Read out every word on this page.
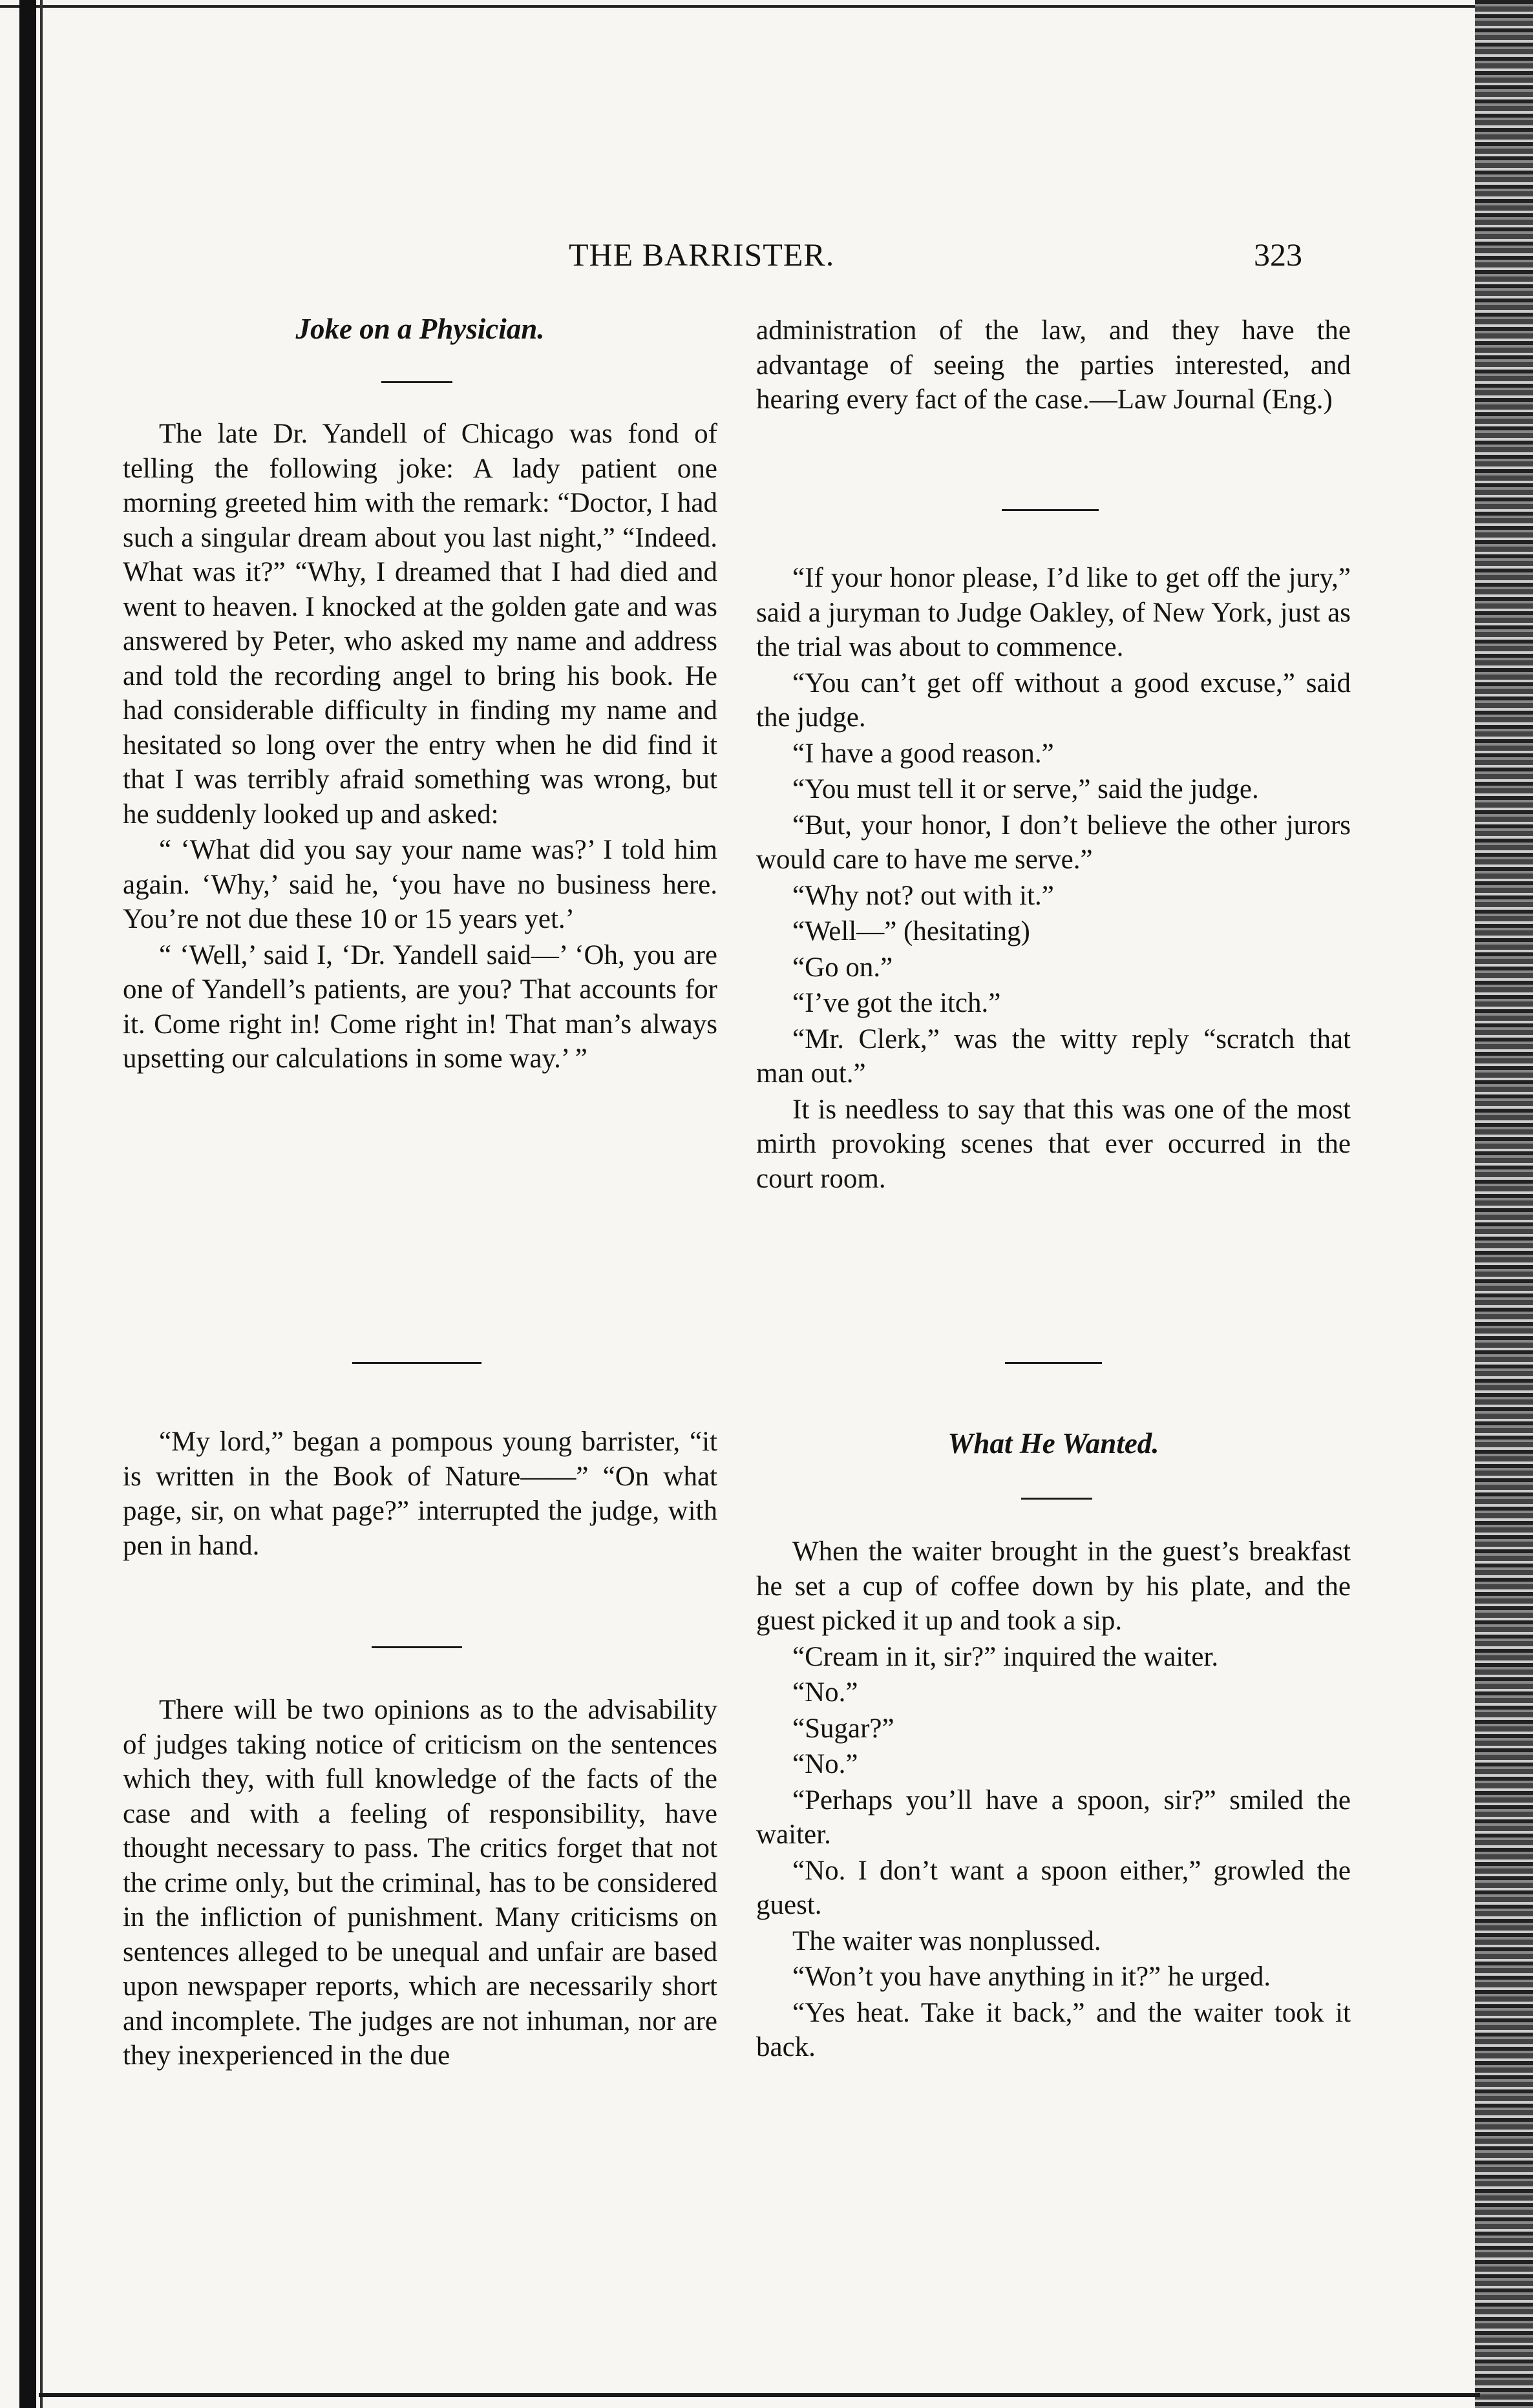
THE BARRISTER.	323
Joke on a Physician.

The late Dr. Yandell of Chicago was fond of telling the following joke: A lady patient one morning greeted him with the remark: “Doctor, I had such a singular dream about you last night,” “Indeed. What was it?” “Why, I dreamed that I had died and went to heaven. I knocked at the golden gate and was answered by Peter, who asked my name and address and told the recording angel to bring his book. He had considerable difficulty in finding my name and hesitated so long over the entry when he did find it that I was terribly afraid something was wrong, but he suddenly looked up and asked:

“ ‘What did you say your name was?’ I told him again. ‘Why,’ said he, ‘you have no business here. You’re not due these 10 or 15 years yet.’

“ ‘Well,’ said I, ‘Dr. Yandell said—’ ‘Oh, you are one of Yandell’s patients, are you? That accounts for it. Come right in! Come right in! That man’s always upsetting our calculations in some way.’ ”

“My lord,” began a pompous young barrister, “it is written in the Book of Nature——” “On what page, sir, on what page?” interrupted the judge, with pen in hand.

There will be two opinions as to the advisability of judges taking notice of criticism on the sentences which they, with full knowledge of the facts of the case and with a feeling of responsibility, have thought necessary to pass. The critics forget that not the crime only, but the criminal, has to be considered in the infliction of punishment. Many criticisms on sentences alleged to be unequal and unfair are based upon newspaper reports, which are necessarily short and incomplete. The judges are not inhuman, nor are they inexperienced in the due

administration of the law, and they have the advantage of seeing the parties interested, and hearing every fact of the case.—Law Journal (Eng.)

“If your honor please, I’d like to get off the jury,” said a juryman to Judge Oakley, of New York, just as the trial was about to commence.

“You can’t get off without a good excuse,” said the judge.

“I have a good reason.”

“You must tell it or serve,” said the judge.

“But, your honor, I don’t believe the other jurors would care to have me serve.”

“Why not? out with it.”

“Well—” (hesitating)

“Go on.”

“I’ve got the itch.”

“Mr. Clerk,” was the witty reply “scratch that man out.”

It is needless to say that this was one of the most mirth provoking scenes that ever occurred in the court room.

What He Wanted.

When the waiter brought in the guest’s breakfast he set a cup of coffee down by his plate, and the guest picked it up and took a sip.

“Cream in it, sir?” inquired the waiter.

“No.”

“Sugar?”

“No.”

“Perhaps you’ll have a spoon, sir?” smiled the waiter.

“No. I don’t want a spoon either,” growled the guest.

The waiter was nonplussed.

“Won’t you have anything in it?” he urged.

“Yes heat. Take it back,” and the waiter took it back.
